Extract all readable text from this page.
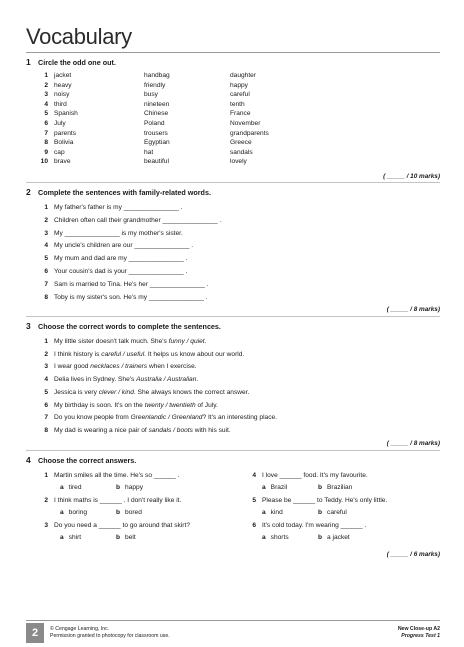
Vocabulary
1 Circle the odd one out.
1 jacket	handbag	daughter
2 heavy	friendly	happy
3 noisy	busy	careful
4 third	nineteen	tenth
5 Spanish	Chinese	France
6 July	Poland	November
7 parents	trousers	grandparents
8 Bolivia	Egyptian	Greece
9 cap	hat	sandals
10 brave	beautiful	lovely
( _____ / 10 marks)
2 Complete the sentences with family-related words.
1 My father's father is my _______________ .
2 Children often call their grandmother _______________ .
3 My _______________ is my mother's sister.
4 My uncle's children are our _______________ .
5 My mum and dad are my _______________ .
6 Your cousin's dad is your _______________ .
7 Sam is married to Tina. He's her _______________ .
8 Toby is my sister's son. He's my _______________ .
( _____ / 8 marks)
3 Choose the correct words to complete the sentences.
1 My little sister doesn't talk much. She's funny / quiet.
2 I think history is careful / useful. It helps us know about our world.
3 I wear good necklaces / trainers when I exercise.
4 Delia lives in Sydney. She's Australia / Australian.
5 Jessica is very clever / kind. She always knows the correct answer.
6 My birthday is soon. It's on the twenty / twentieth of July.
7 Do you know people from Greenlandic / Greenland? It's an interesting place.
8 My dad is wearing a nice pair of sandals / boots with his suit.
( _____ / 8 marks)
4 Choose the correct answers.
1 Martin smiles all the time. He's so ______ .
a tired	b happy
2 I think maths is ______ . I don't really like it.
a boring	b bored
3 Do you need a ______ to go around that skirt?
a shirt	b belt
4 I love ______ food. It's my favourite.
a Brazil	b Brazilian
5 Please be ______ to Teddy. He's only little.
a kind	b careful
6 It's cold today. I'm wearing ______ .
a shorts	b a jacket
( _____ / 6 marks)
2	© Cengage Learning, Inc.
Permission granted to photocopy for classroom use.
New Close-up A2
Progress Test 1
